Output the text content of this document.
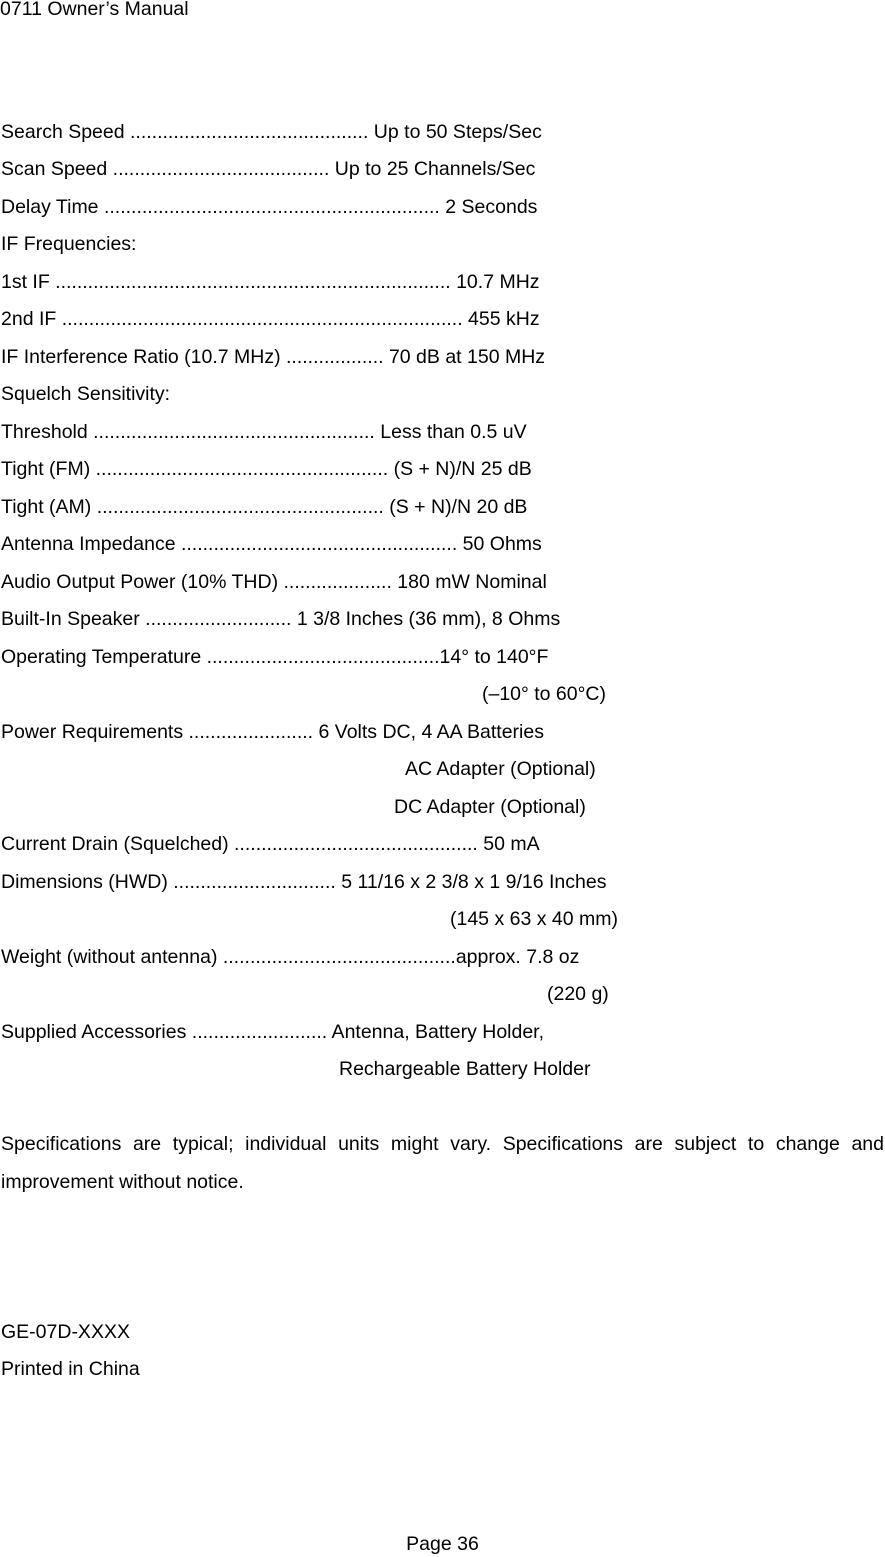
0711 Owner’s Manual
Search Speed ............................................ Up to 50 Steps/Sec
Scan Speed ........................................ Up to 25 Channels/Sec
Delay Time .............................................................. 2 Seconds
IF Frequencies:
1st IF ......................................................................... 10.7 MHz
2nd IF .......................................................................... 455 kHz
IF Interference Ratio (10.7 MHz) .................. 70 dB at 150 MHz
Squelch Sensitivity:
Threshold .................................................... Less than 0.5 uV
Tight (FM) ...................................................... (S + N)/N 25 dB
Tight (AM) ..................................................... (S + N)/N 20 dB
Antenna Impedance ................................................... 50 Ohms
Audio Output Power (10% THD) .................... 180 mW Nominal
Built-In Speaker ........................... 1 3/8 Inches (36 mm), 8 Ohms
Operating Temperature ...........................................14° to 140°F
(–10° to 60°C)
Power Requirements ....................... 6 Volts DC, 4 AA Batteries
AC Adapter (Optional)
DC Adapter (Optional)
Current Drain (Squelched) ............................................. 50 mA
Dimensions (HWD) .............................. 5 11/16 x 2 3/8 x 1 9/16 Inches
(145 x 63 x 40 mm)
Weight (without antenna) ...........................................approx. 7.8 oz
(220 g)
Supplied Accessories ......................... Antenna, Battery Holder,
Rechargeable Battery Holder
Specifications are typical; individual units might vary. Specifications are subject to change and improvement without notice.
GE-07D-XXXX
Printed in China
Page 36
